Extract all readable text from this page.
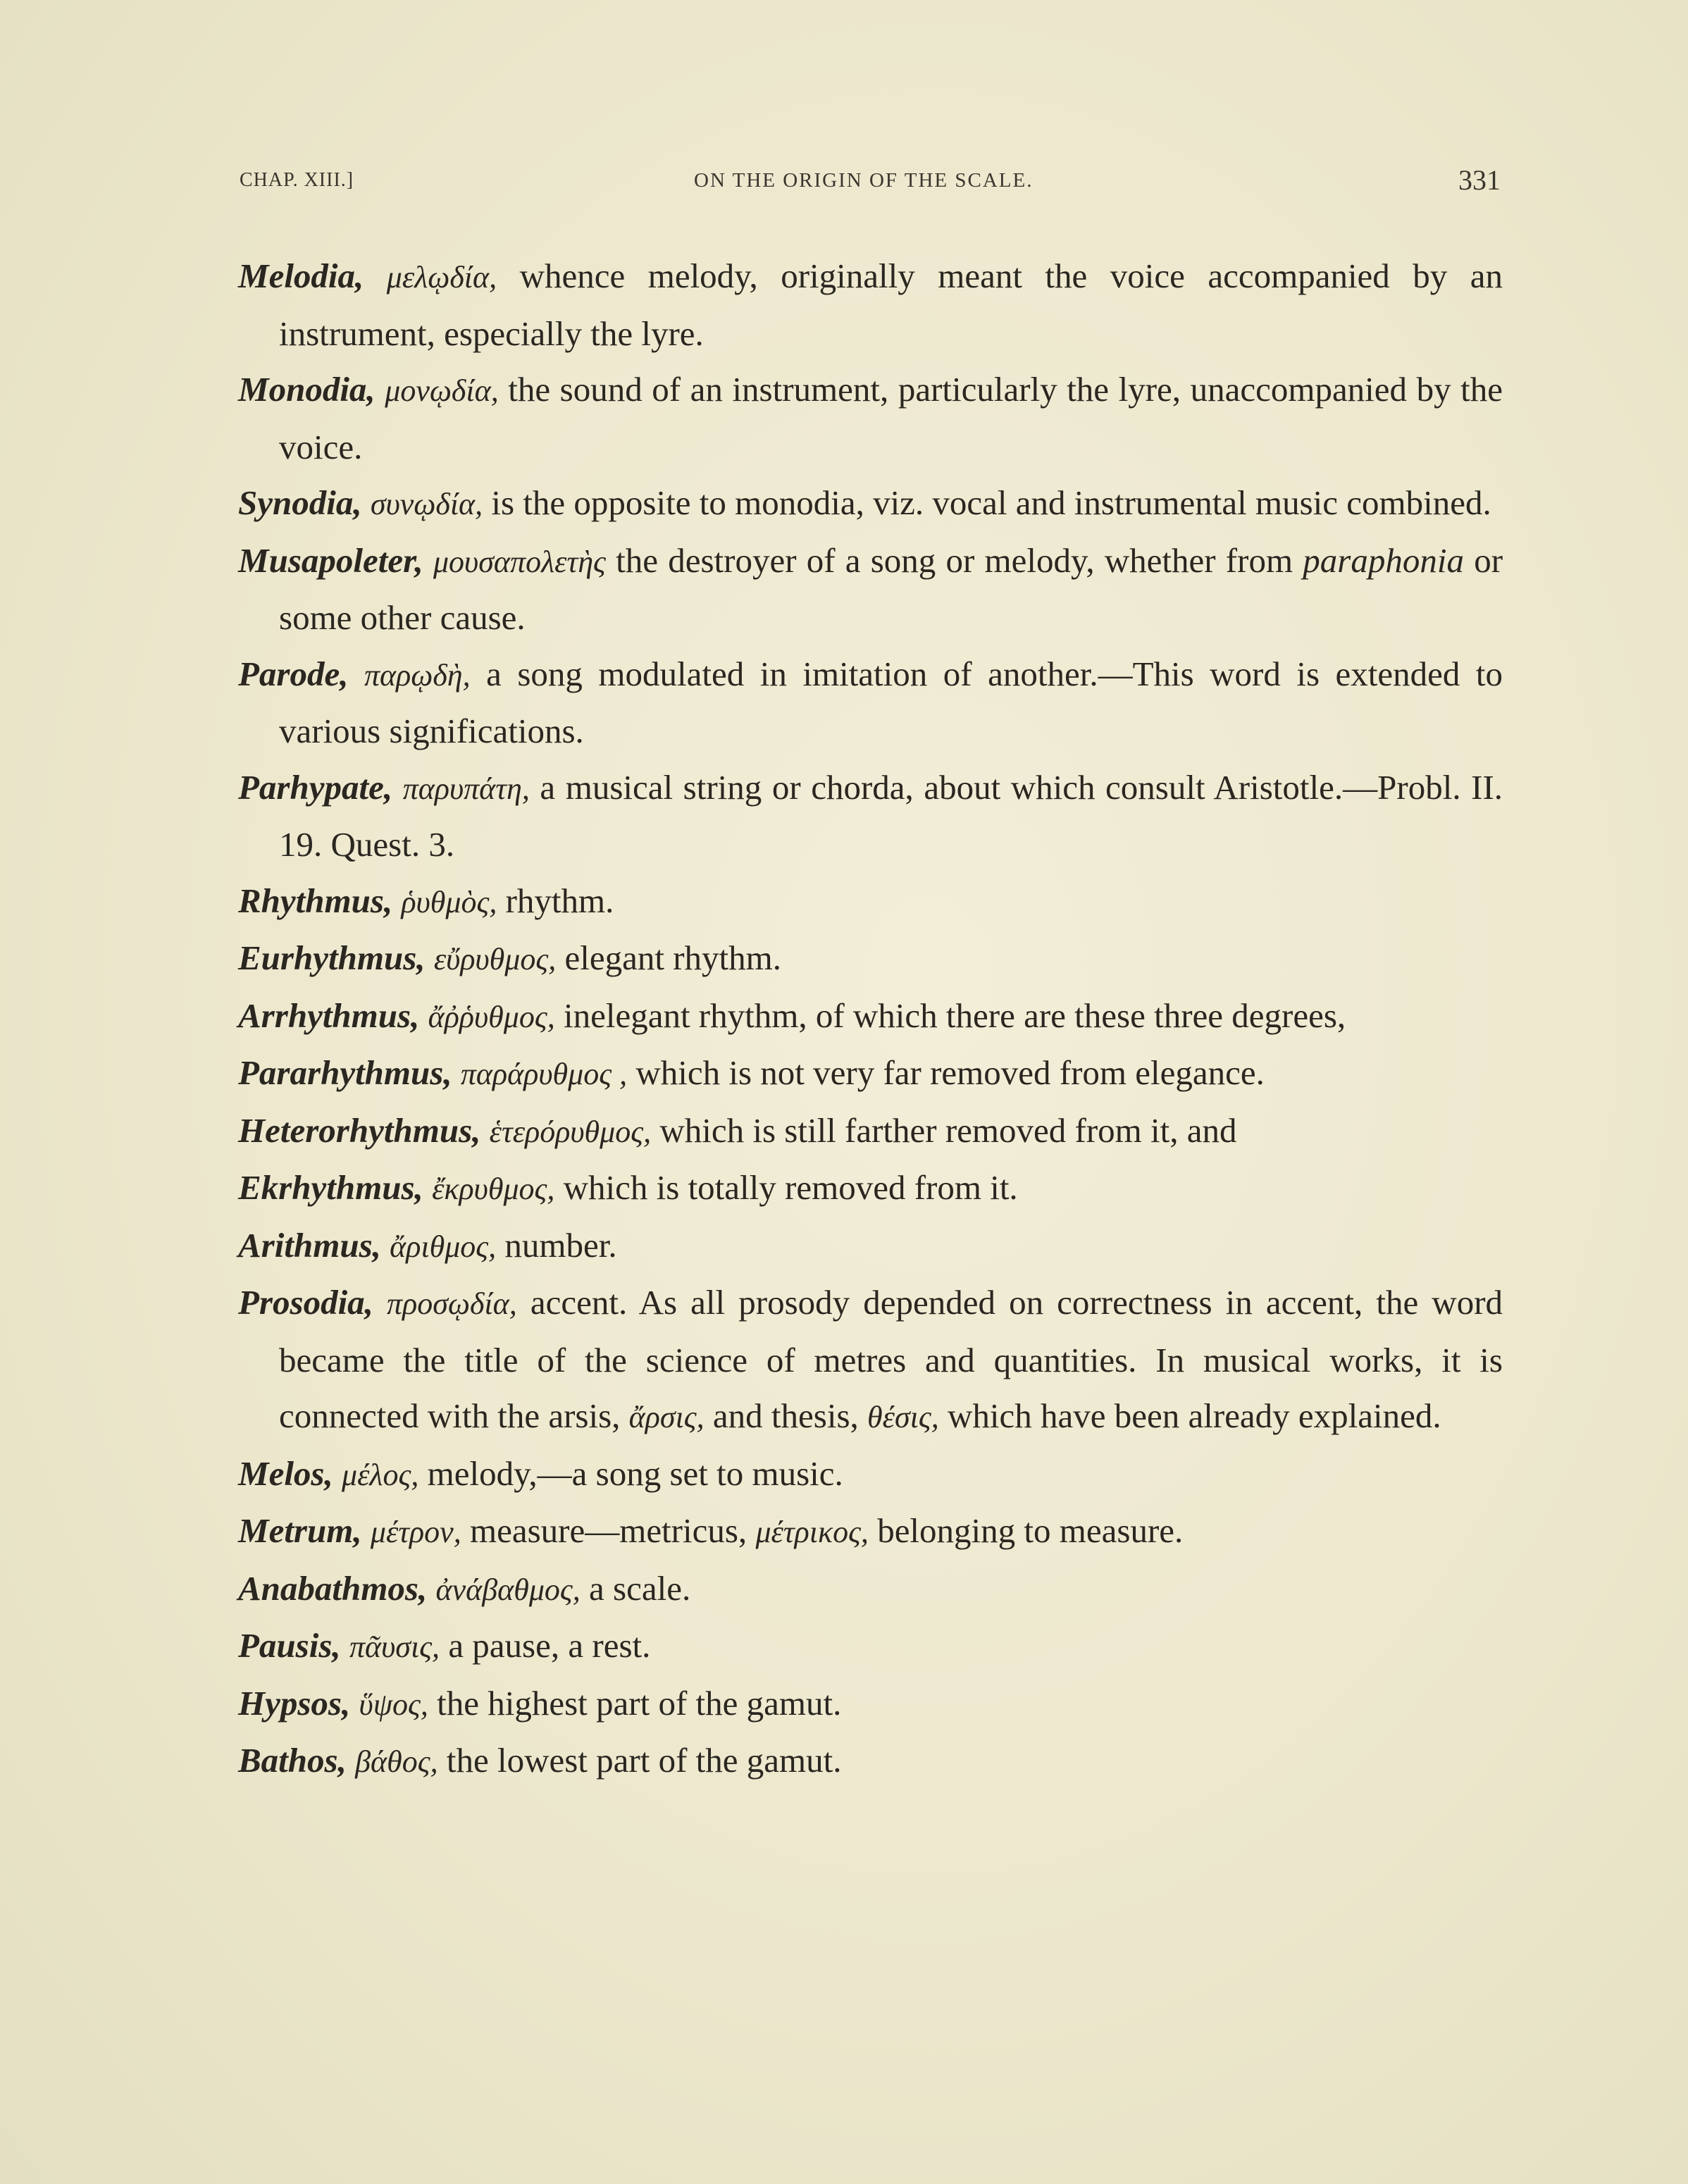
CHAP. XIII.]	ON THE ORIGIN OF THE SCALE.	331

Melodia, μελῳδία, whence melody, originally meant the voice accompanied by an instrument, especially the lyre.

Monodia, μονῳδία, the sound of an instrument, particularly the lyre, unaccompanied by the voice.

Synodia, συνῳδία, is the opposite to monodia, viz. vocal and instrumental music combined.

Musapoleter, μουσαπολετὴς the destroyer of a song or melody, whether from paraphonia or some other cause.

Parode, παρῳδὴ, a song modulated in imitation of another.—This word is extended to various significations.

Parhypate, παρυπάτη, a musical string or chorda, about which consult Aristotle.—Probl. II. 19. Quest. 3.

Rhythmus, ῥυθμὸς, rhythm.

Eurhythmus, εὔρυθμος, elegant rhythm.

Arrhythmus, ἄῤῥυθμος, inelegant rhythm, of which there are these three degrees,

Pararhythmus, παράρυθμος , which is not very far removed from elegance.

Heterorhythmus, ἑτερόρυθμος, which is still farther removed from it, and

Ekrhythmus, ἔκρυθμος, which is totally removed from it.

Arithmus, ἄριθμος, number.

Prosodia, προσῳδία, accent. As all prosody depended on correctness in accent, the word became the title of the science of metres and quantities. In musical works, it is connected with the arsis, ἄρσις, and thesis, θέσις, which have been already explained.

Melos, μέλος, melody,—a song set to music.

Metrum, μέτρον, measure—metricus, μέτρικος, belonging to measure.

Anabathmos, ἀνάβαθμος, a scale.

Pausis, πᾶυσις, a pause, a rest.

Hypsos, ὕψος, the highest part of the gamut.

Bathos, βάθος, the lowest part of the gamut.
